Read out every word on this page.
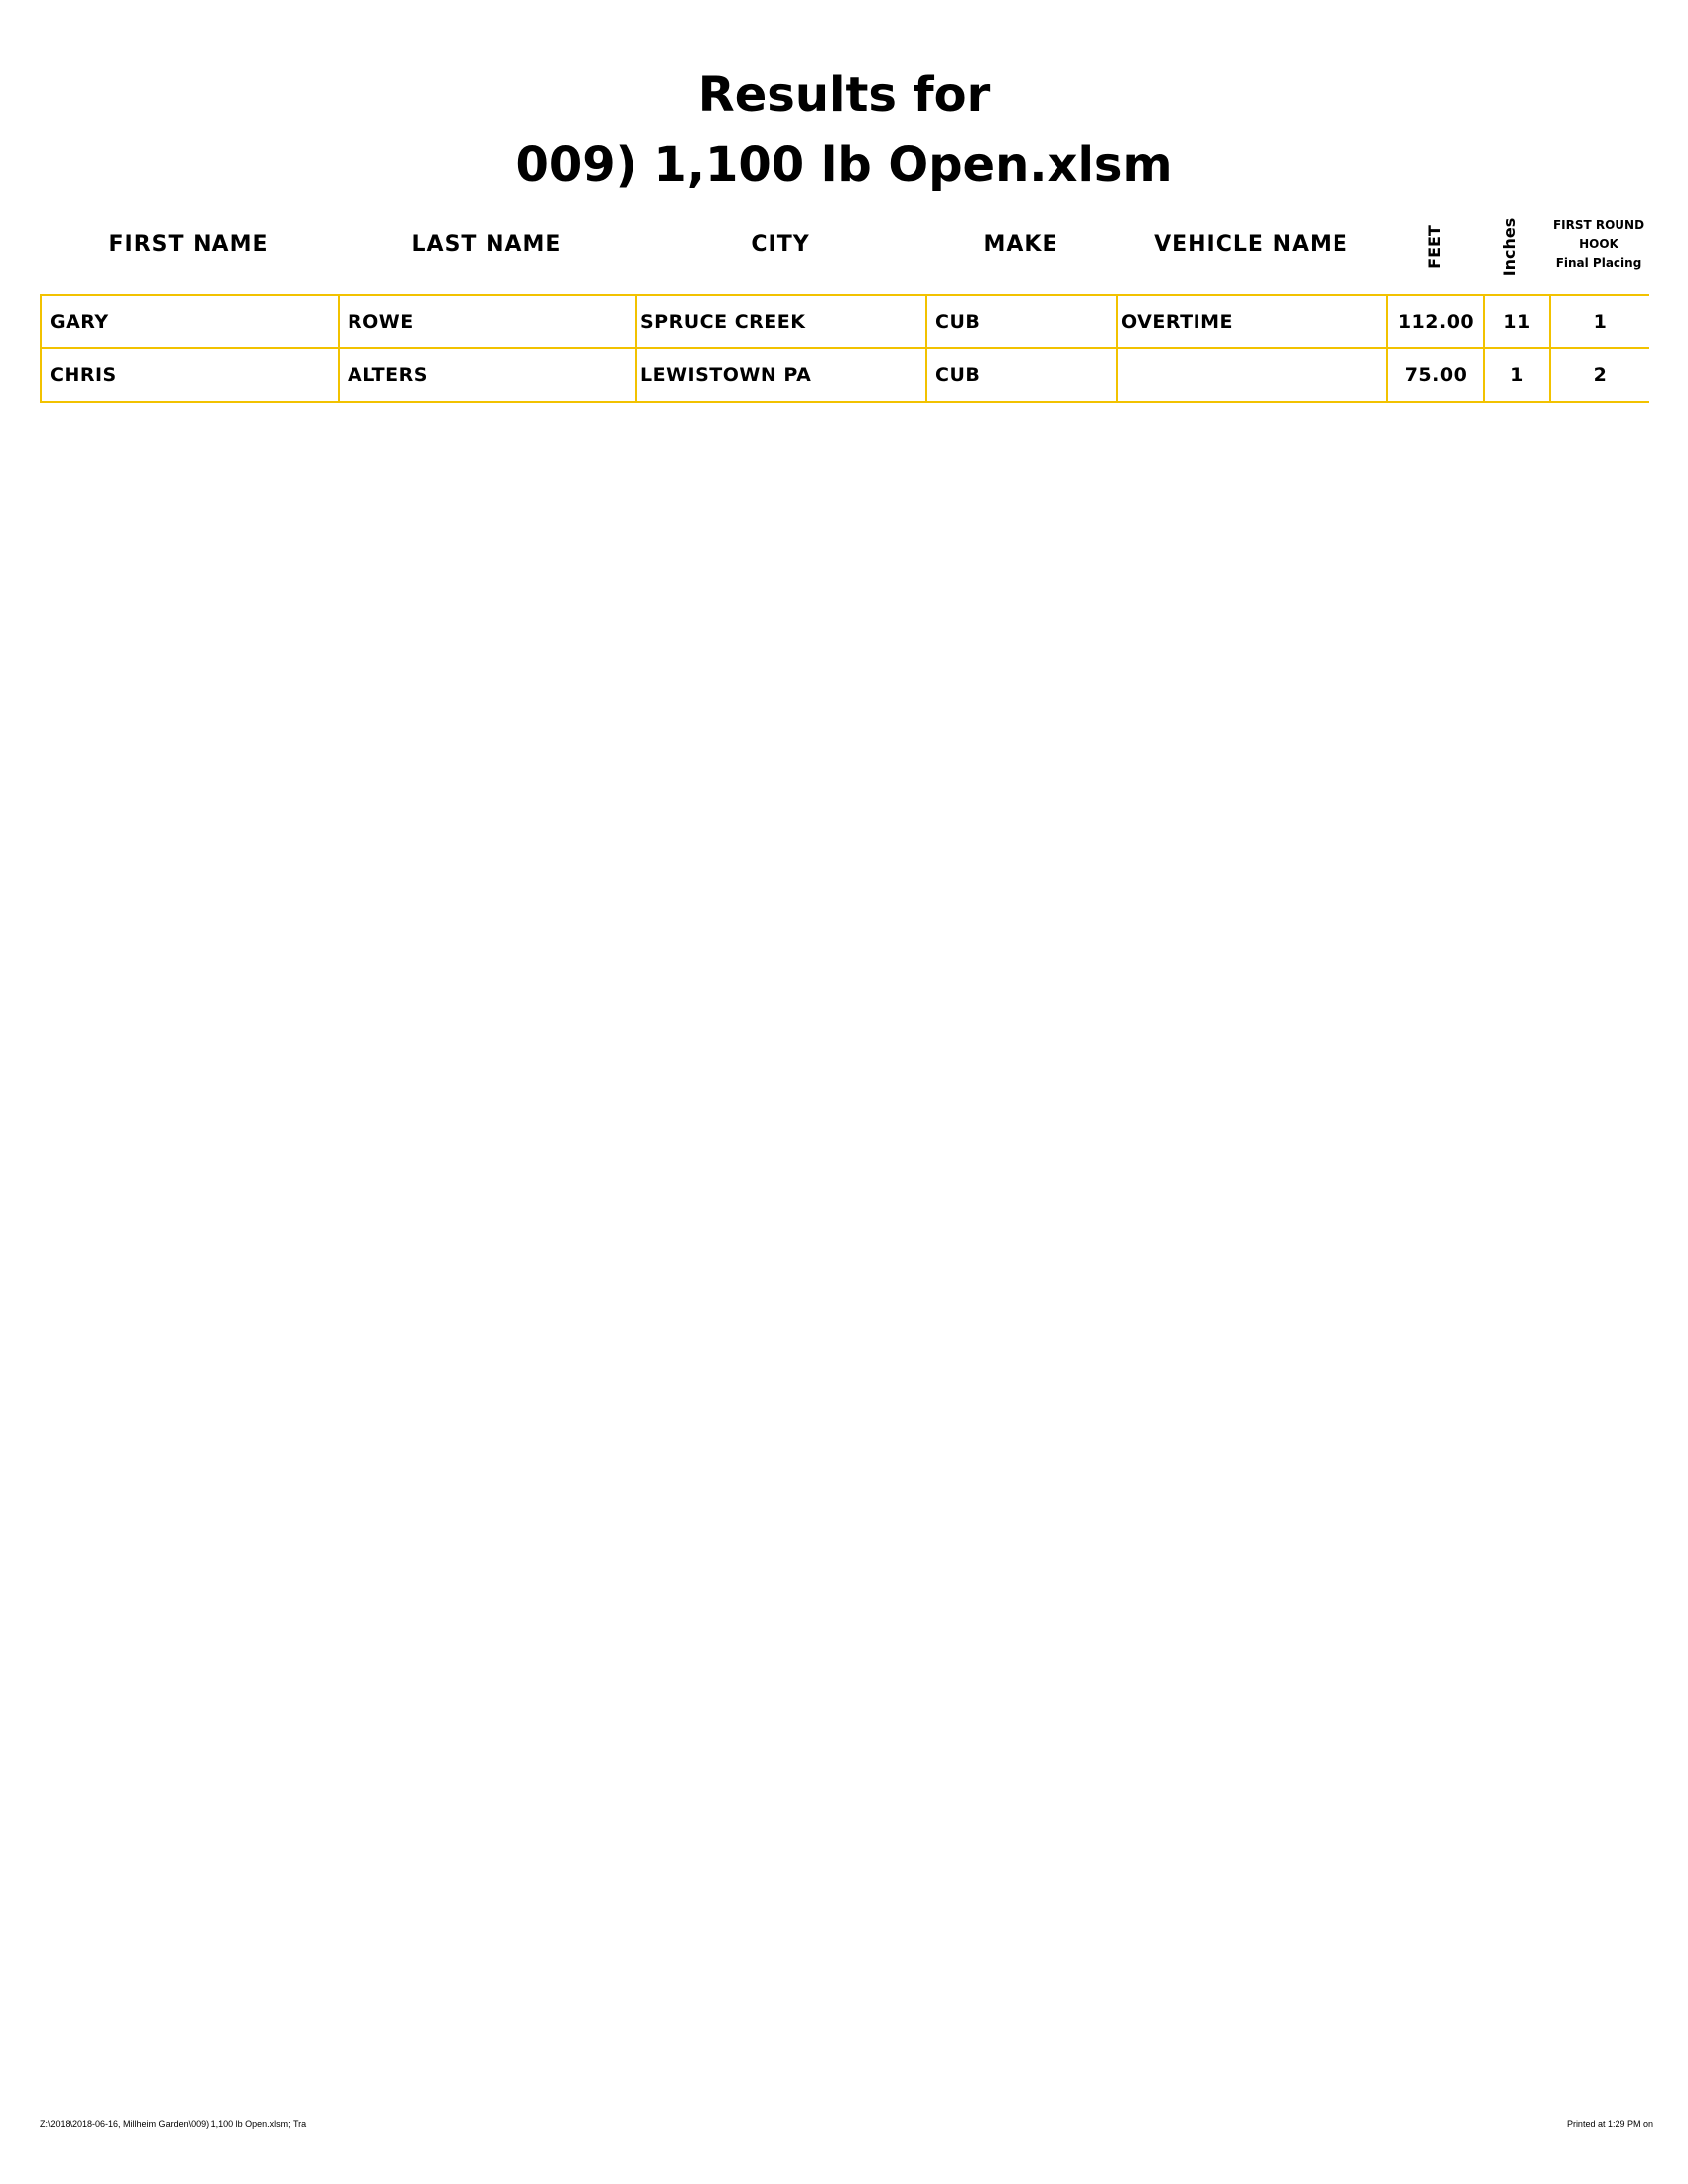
Results for
009) 1,100 lb Open.xlsm
FIRST NAME	LAST NAME	CITY	MAKE	VEHICLE NAME	FEET	Inches	FIRST ROUND
HOOK
Final Placing
GARY	ROWE	SPRUCE CREEK	CUB	OVERTIME	112.00	11	1
CHRIS	ALTERS	LEWISTOWN PA	CUB		75.00	1	2
Z:\2018\2018-06-16, Millheim Garden\009) 1,100 lb Open.xlsm; Tra	Printed at 1:29 PM on
